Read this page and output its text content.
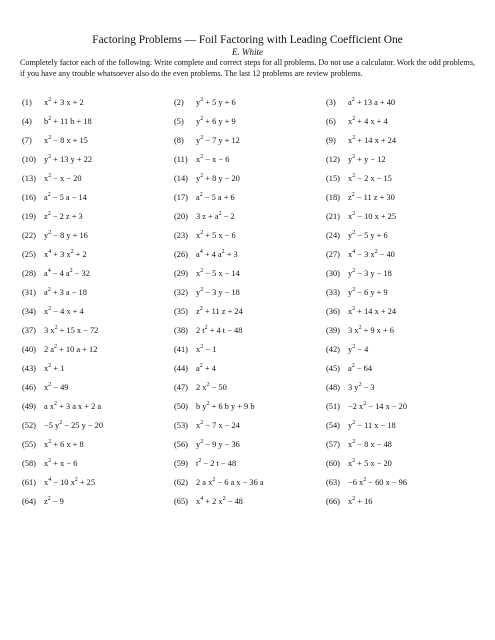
Factoring Problems — Foil Factoring with Leading Coefficient One
E. White
Completely factor each of the following. Write complete and correct steps for all problems. Do not use a calculator. Work the odd problems, if you have any trouble whatsoever also do the even problems. The last 12 problems are review problems.
(1)	$x^2 + 3$ x + 2	(2)	$y^2 + 5$ y + 6	(3)	$a^2 + 13$ a + 40
(4)	$b^2 + 11$ b + 18	(5)	$y^2 + 6$ y + 9	(6)	$x^2 + 4$ x + 4
(7)	$x^2 - 8$ x + 15	(8)	$y^2 - 7$ y + 12	(9)	$x^2 + 14$ x + 24
(10) $y^2 + 13$ y + 22	(11) $x^2 - x - 6$	(12) $y^2 + y - 12$
(13) $x^2 - x - 20$	(14) $y^2 + 8$ y − 20	(15) $x^2 - 2$ x − 15
(16) $a^2 - 5$ a − 14	(17) $a^2 - 5$ a + 6	(18) $z^2 - 11$ z + 30
(19) $z^2 - 2$ z + 3	(20) 3 $z + a^2 - 2$	(21) $x^2 - 10$ x + 25
(22) $y^2 - 8$ y + 16	(23) $x^2 + 5$ x − 6	(24) $y^2 - 5$ y + 6
(25) $x^4 + 3$ $x^2 + 2$	(26) $a^4 + 4$ $a^2 + 3$	(27) $x^4 - 3$ $x^2 - 40$
(28) $a^4 - 4$ $a^2 - 32$	(29) $x^2 - 5$ x − 14	(30) $y^2 - 3$ y − 18
(31) $a^2 + 3$ a − 18	(32) $y^2 - 3$ y − 18	(33) $y^2 - 6$ y + 9
(34) $x^2 - 4$ x + 4	(35) $z^2 + 11$ z + 24	(36) $x^2 + 14$ x + 24
(37) 3 $x^2 + 15$ x − 72	(38) 2 $t^2 + 4$ t − 48	(39) 3 $x^2 + 9$ x + 6
(40) 2 $a^2 + 10$ a + 12	(41) $x^2 - 1$	(42) $y^2 - 4$
(43) $x^2 + 1$	(44) $a^2 + 4$	(45) $a^2 - 64$
(46) $x^2 - 49$	(47) 2 $x^2 - 50$	(48) 3 $y^2 - 3$
(49) a $x^2 + 3$ a x + 2 a	(50) b $y^2 + 6$ b y + 9 b	(51) −2 $x^2 - 14$ x − 20
(52) −5 $y^2 - 25$ y − 20	(53) $x^2 - 7$ x − 24	(54) $y^2 - 11$ x − 18
(55) $x^2 + 6$ x + 8	(56) $y^2 - 9$ y − 36	(57) $x^2 - 8$ x − 48
(58) $x^2 + x - 6$	(59) $t^2 - 2$ t − 48	(60) $x^2 + 5$ x − 20
(61) $x^4 - 10$ $x^2 + 25$	(62) 2 a $x^2 - 6$ a x − 36 a	(63) −6 $x^2 - 60$ x − 96
(64) $z^2 - 9$	(65) $x^4 + 2$ $x^2 - 48$	(66) $x^2 + 16$
